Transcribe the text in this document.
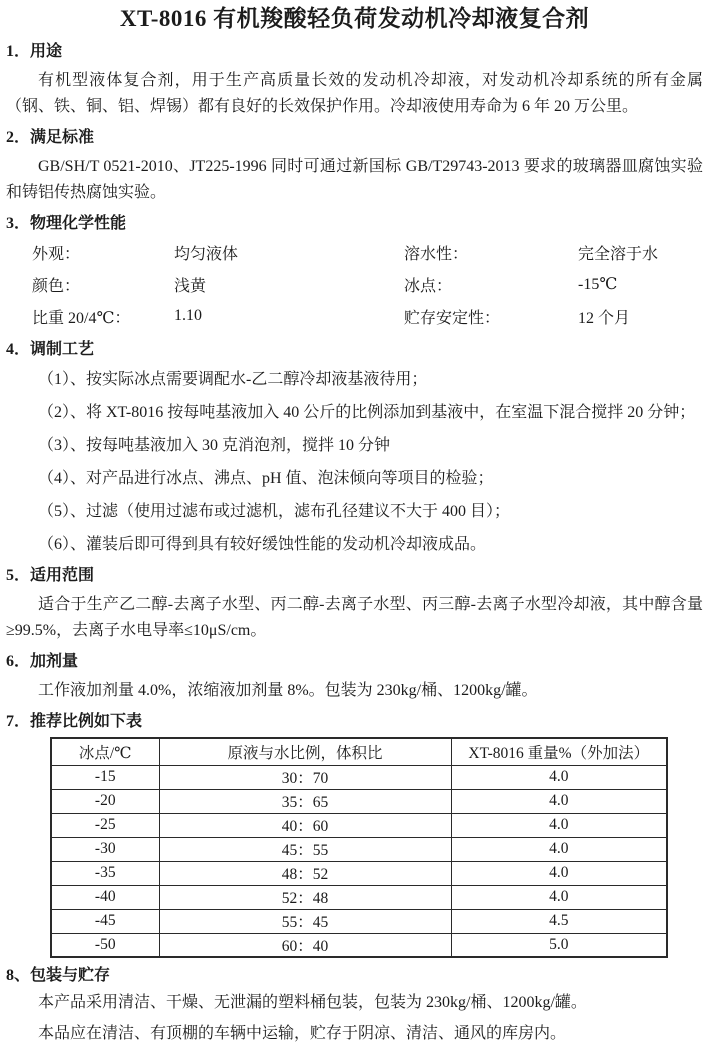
XT-8016 有机羧酸轻负荷发动机冷却液复合剂
1．用途

有机型液体复合剂，用于生产高质量长效的发动机冷却液，对发动机冷却系统的所有金属（钢、铁、铜、铝、焊锡）都有良好的长效保护作用。冷却液使用寿命为 6 年 20 万公里。

2．满足标准

GB/SH/T 0521-2010、JT225-1996 同时可通过新国标 GB/T29743-2013 要求的玻璃器皿腐蚀实验和铸铝传热腐蚀实验。

3．物理化学性能
外观：	均匀液体	溶水性：	完全溶于水
颜色：	浅黄	冰点：	-15℃
比重 20/4℃：	1.10	贮存安定性：	12 个月
4．调制工艺

（1）、按实际冰点需要调配水-乙二醇冷却液基液待用；

（2）、将 XT-8016 按每吨基液加入 40 公斤的比例添加到基液中，在室温下混合搅拌 20 分钟；

（3）、按每吨基液加入 30 克消泡剂，搅拌 10 分钟

（4）、对产品进行冰点、沸点、pH 值、泡沫倾向等项目的检验；

（5）、过滤（使用过滤布或过滤机，滤布孔径建议不大于 400 目）；

（6）、灌装后即可得到具有较好缓蚀性能的发动机冷却液成品。

5．适用范围

适合于生产乙二醇-去离子水型、丙二醇-去离子水型、丙三醇-去离子水型冷却液，其中醇含量≥99.5%，去离子水电导率≤10μS/cm。

6．加剂量

工作液加剂量 4.0%，浓缩液加剂量 8%。包装为 230kg/桶、1200kg/罐。

7．推荐比例如下表
冰点/℃	原液与水比例，体积比	XT-8016 重量%（外加法）
-15	30：70	4.0
-20	35：65	4.0
-25	40：60	4.0
-30	45：55	4.0
-35	48：52	4.0
-40	52：48	4.0
-45	55：45	4.5
-50	60：40	5.0
8、包装与贮存

本产品采用清洁、干燥、无泄漏的塑料桶包装，包装为 230kg/桶、1200kg/罐。

本品应在清洁、有顶棚的车辆中运输，贮存于阴凉、清洁、通风的库房内。
